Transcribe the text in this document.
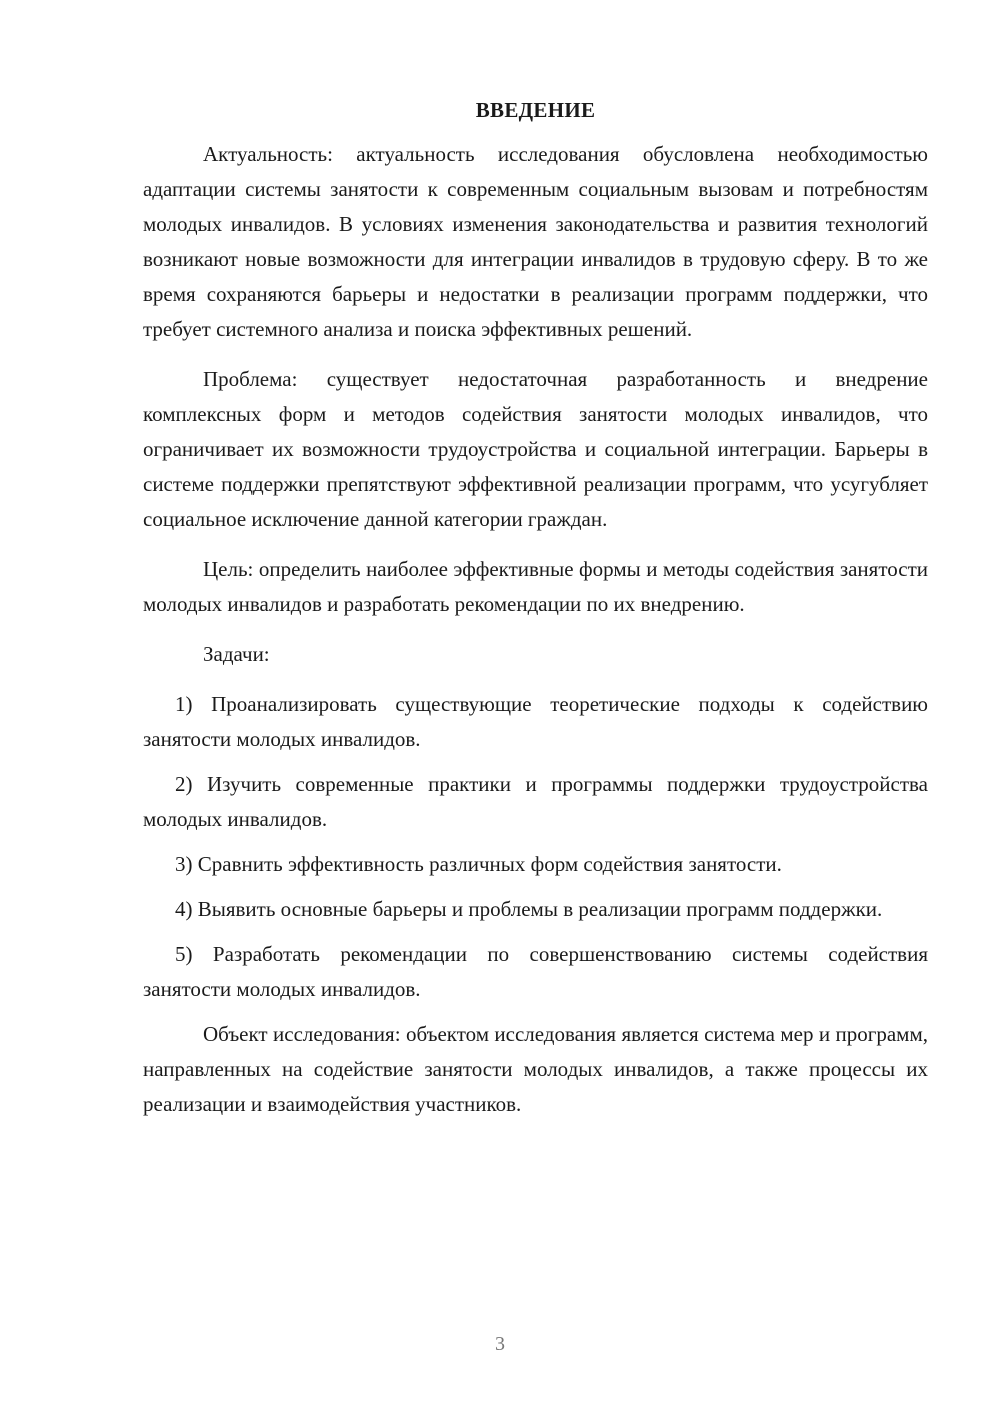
ВВЕДЕНИЕ

Актуальность: актуальность исследования обусловлена необходимостью адаптации системы занятости к современным социальным вызовам и потребностям молодых инвалидов. В условиях изменения законодательства и развития технологий возникают новые возможности для интеграции инвалидов в трудовую сферу. В то же время сохраняются барьеры и недостатки в реализации программ поддержки, что требует системного анализа и поиска эффективных решений.

Проблема: существует недостаточная разработанность и внедрение комплексных форм и методов содействия занятости молодых инвалидов, что ограничивает их возможности трудоустройства и социальной интеграции. Барьеры в системе поддержки препятствуют эффективной реализации программ, что усугубляет социальное исключение данной категории граждан.

Цель: определить наиболее эффективные формы и методы содействия занятости молодых инвалидов и разработать рекомендации по их внедрению.

Задачи:

1) Проанализировать существующие теоретические подходы к содействию занятости молодых инвалидов.

2) Изучить современные практики и программы поддержки трудоустройства молодых инвалидов.

3) Сравнить эффективность различных форм содействия занятости.

4) Выявить основные барьеры и проблемы в реализации программ поддержки.

5) Разработать рекомендации по совершенствованию системы содействия занятости молодых инвалидов.

Объект исследования: объектом исследования является система мер и программ, направленных на содействие занятости молодых инвалидов, а также процессы их реализации и взаимодействия участников.

3
